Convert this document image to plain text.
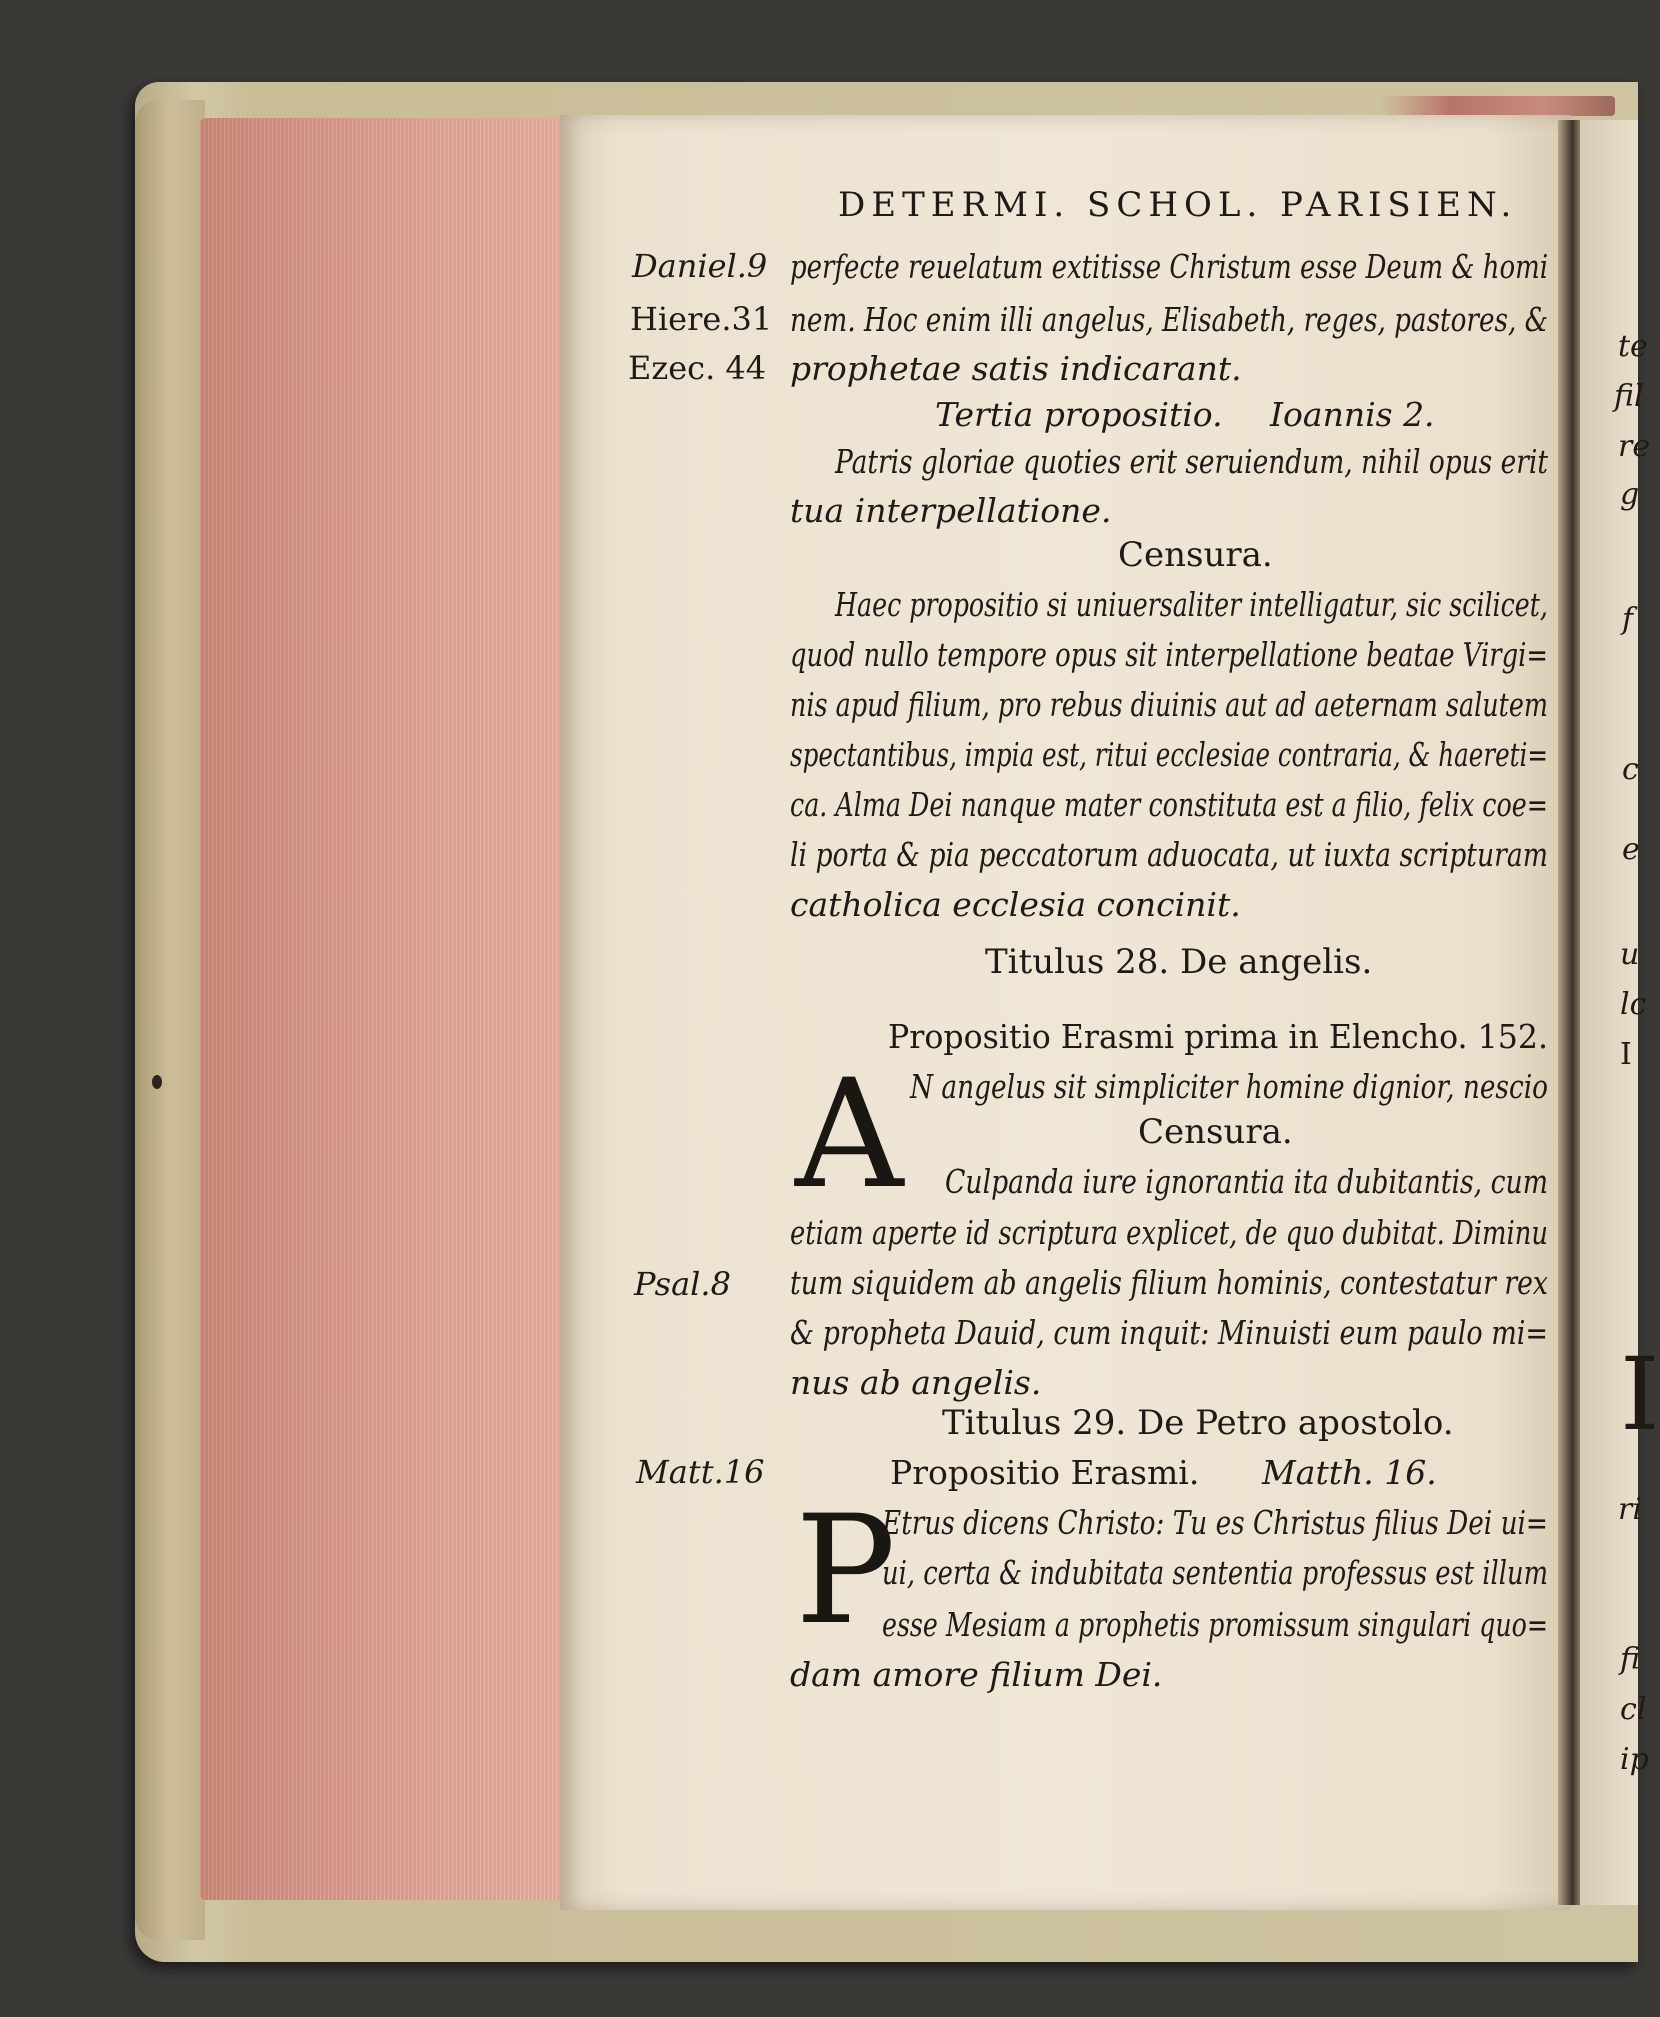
te
fil
re
g
f
c
e
u
lc
I
I
ri
fi
cl
ip
DETERMI. SCHOL. PARISIEN.
Daniel.9
Hiere.31
Ezec. 44
Psal.8
Matt.16
perfecte reuelatum extitisse Christum esse Deum & homi
nem. Hoc enim illi angelus, Elisabeth, reges, pastores, &
prophetae satis indicarant.
Tertia propositio. Ioannis 2.
Patris gloriae quoties erit seruiendum, nihil opus erit
tua interpellatione.
Censura.
Haec propositio si uniuersaliter intelligatur, sic scilicet,
quod nullo tempore opus sit interpellatione beatae Virgi=
nis apud filium, pro rebus diuinis aut ad aeternam salutem
spectantibus, impia est, ritui ecclesiae contraria, & haereti=
ca. Alma Dei nanque mater constituta est a filio, felix coe=
li porta & pia peccatorum aduocata, ut iuxta scripturam
catholica ecclesia concinit.
Titulus 28. De angelis.
Propositio Erasmi prima in Elencho. 152.
A N angelus sit simpliciter homine dignior, nescio
Censura.
Culpanda iure ignorantia ita dubitantis, cum
etiam aperte id scriptura explicet, de quo dubitat. Diminu
tum siquidem ab angelis filium hominis, contestatur rex
& propheta Dauid, cum inquit: Minuisti eum paulo mi=
nus ab angelis.
Titulus 29. De Petro apostolo.
Propositio Erasmi. Matth. 16.
P
Etrus dicens Christo: Tu es Christus filius Dei ui=
ui, certa & indubitata sententia professus est illum
esse Mesiam a prophetis promissum singulari quo=
dam amore filium Dei.
